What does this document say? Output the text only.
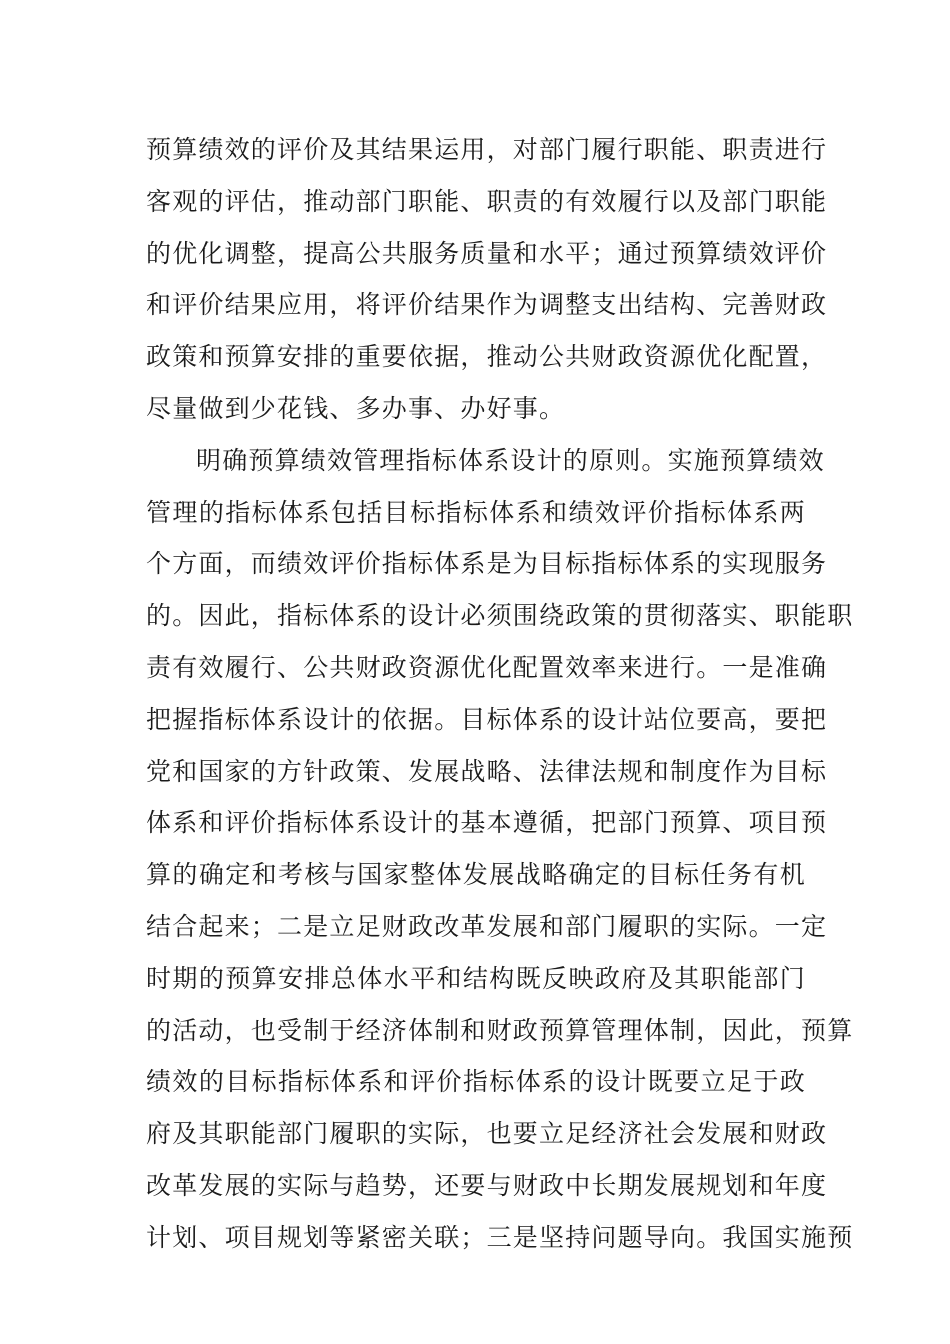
预算绩效的评价及其结果运用，对部门履行职能、职责进行
客观的评估，推动部门职能、职责的有效履行以及部门职能
的优化调整，提高公共服务质量和水平；通过预算绩效评价
和评价结果应用，将评价结果作为调整支出结构、完善财政
政策和预算安排的重要依据，推动公共财政资源优化配置，
尽量做到少花钱、多办事、办好事。
明确预算绩效管理指标体系设计的原则。实施预算绩效
管理的指标体系包括目标指标体系和绩效评价指标体系两
个方面，而绩效评价指标体系是为目标指标体系的实现服务
的。因此，指标体系的设计必须围绕政策的贯彻落实、职能职
责有效履行、公共财政资源优化配置效率来进行。一是准确
把握指标体系设计的依据。目标体系的设计站位要高，要把
党和国家的方针政策、发展战略、法律法规和制度作为目标
体系和评价指标体系设计的基本遵循，把部门预算、项目预
算的确定和考核与国家整体发展战略确定的目标任务有机
结合起来；二是立足财政改革发展和部门履职的实际。一定
时期的预算安排总体水平和结构既反映政府及其职能部门
的活动，也受制于经济体制和财政预算管理体制，因此，预算
绩效的目标指标体系和评价指标体系的设计既要立足于政
府及其职能部门履职的实际，也要立足经济社会发展和财政
改革发展的实际与趋势，还要与财政中长期发展规划和年度
计划、项目规划等紧密关联；三是坚持问题导向。我国实施预
